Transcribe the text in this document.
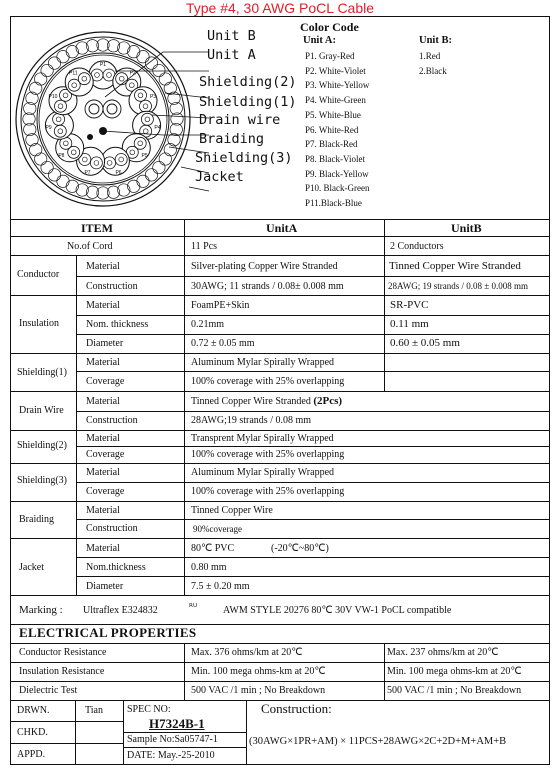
Type #4, 30 AWG PoCL Cable
P1
P2
P3
P4
P5
P6
P7
P8
P9
P10
P11
Unit B
Unit A
Shielding(2)
Shielding(1)
Drain wire
Braiding
Shielding(3)
Jacket
Color Code
Unit A:	Unit B:
P1. Gray-Red
P2. White-Violet
P3. White-Yellow
P4. White-Green
P5. White-Blue
P6. White-Red
P7. Black-Red
P8. Black-Violet
P9. Black-Yellow
P10. Black-Green
P11.Black-Blue
1.Red
2.Black
ITEM	UnitA	UnitB
No.of Cord	11 Pcs	2 Conductors
Conductor
Material	Silver-plating Copper Wire Stranded	Tinned Copper Wire Stranded
Construction	30AWG; 11 strands / 0.08± 0.008 mm	28AWG; 19 strands / 0.08 ± 0.008 mm
Insulation
Material	FoamPE+Skin	SR-PVC
Nom. thickness	0.21mm	0.11 mm
Diameter	0.72 ± 0.05 mm	0.60 ± 0.05 mm
Shielding(1)
Material	Aluminum Mylar Spirally Wrapped
Coverage	100% coverage with 25% overlapping
Drain Wire
Material	Tinned Copper Wire Stranded (2Pcs)
Construction	28AWG;19 strands / 0.08 mm
Shielding(2)
Material	Transprent Mylar Spirally Wrapped
Coverage	100% coverage with 25% overlapping
Shielding(3)
Material	Aluminum Mylar Spirally Wrapped
Coverage	100% coverage with 25% overlapping
Braiding
Material	Tinned Copper Wire
Construction	90%coverage
Jacket
Material	80℃ PVC	(-20℃~80℃)
Nom.thickness	0.80 mm
Diameter	7.5 ± 0.20 mm
Marking : Ultraflex E324832	ᴿᵁ	AWM STYLE 20276 80℃ 30V VW-1 PoCL compatible
ELECTRICAL PROPERTIES
Conductor Resistance	Max. 376 ohms/km at 20℃	Max. 237 ohms/km at 20℃
Insulation Resistance	Min. 100 mega ohms-km at 20℃	Min. 100 mega ohms-km at 20℃
Dielectric Test	500 VAC /1 min ; No Breakdown	500 VAC /1 min ; No Breakdown
DRWN.	Tian
CHKD.
APPD.
SPEC NO:
H7324B-1
Sample No:Sa05747-1
DATE: May.-25-2010
Construction:
(30AWG×1PR+AM) × 11PCS+28AWG×2C+2D+M+AM+B
